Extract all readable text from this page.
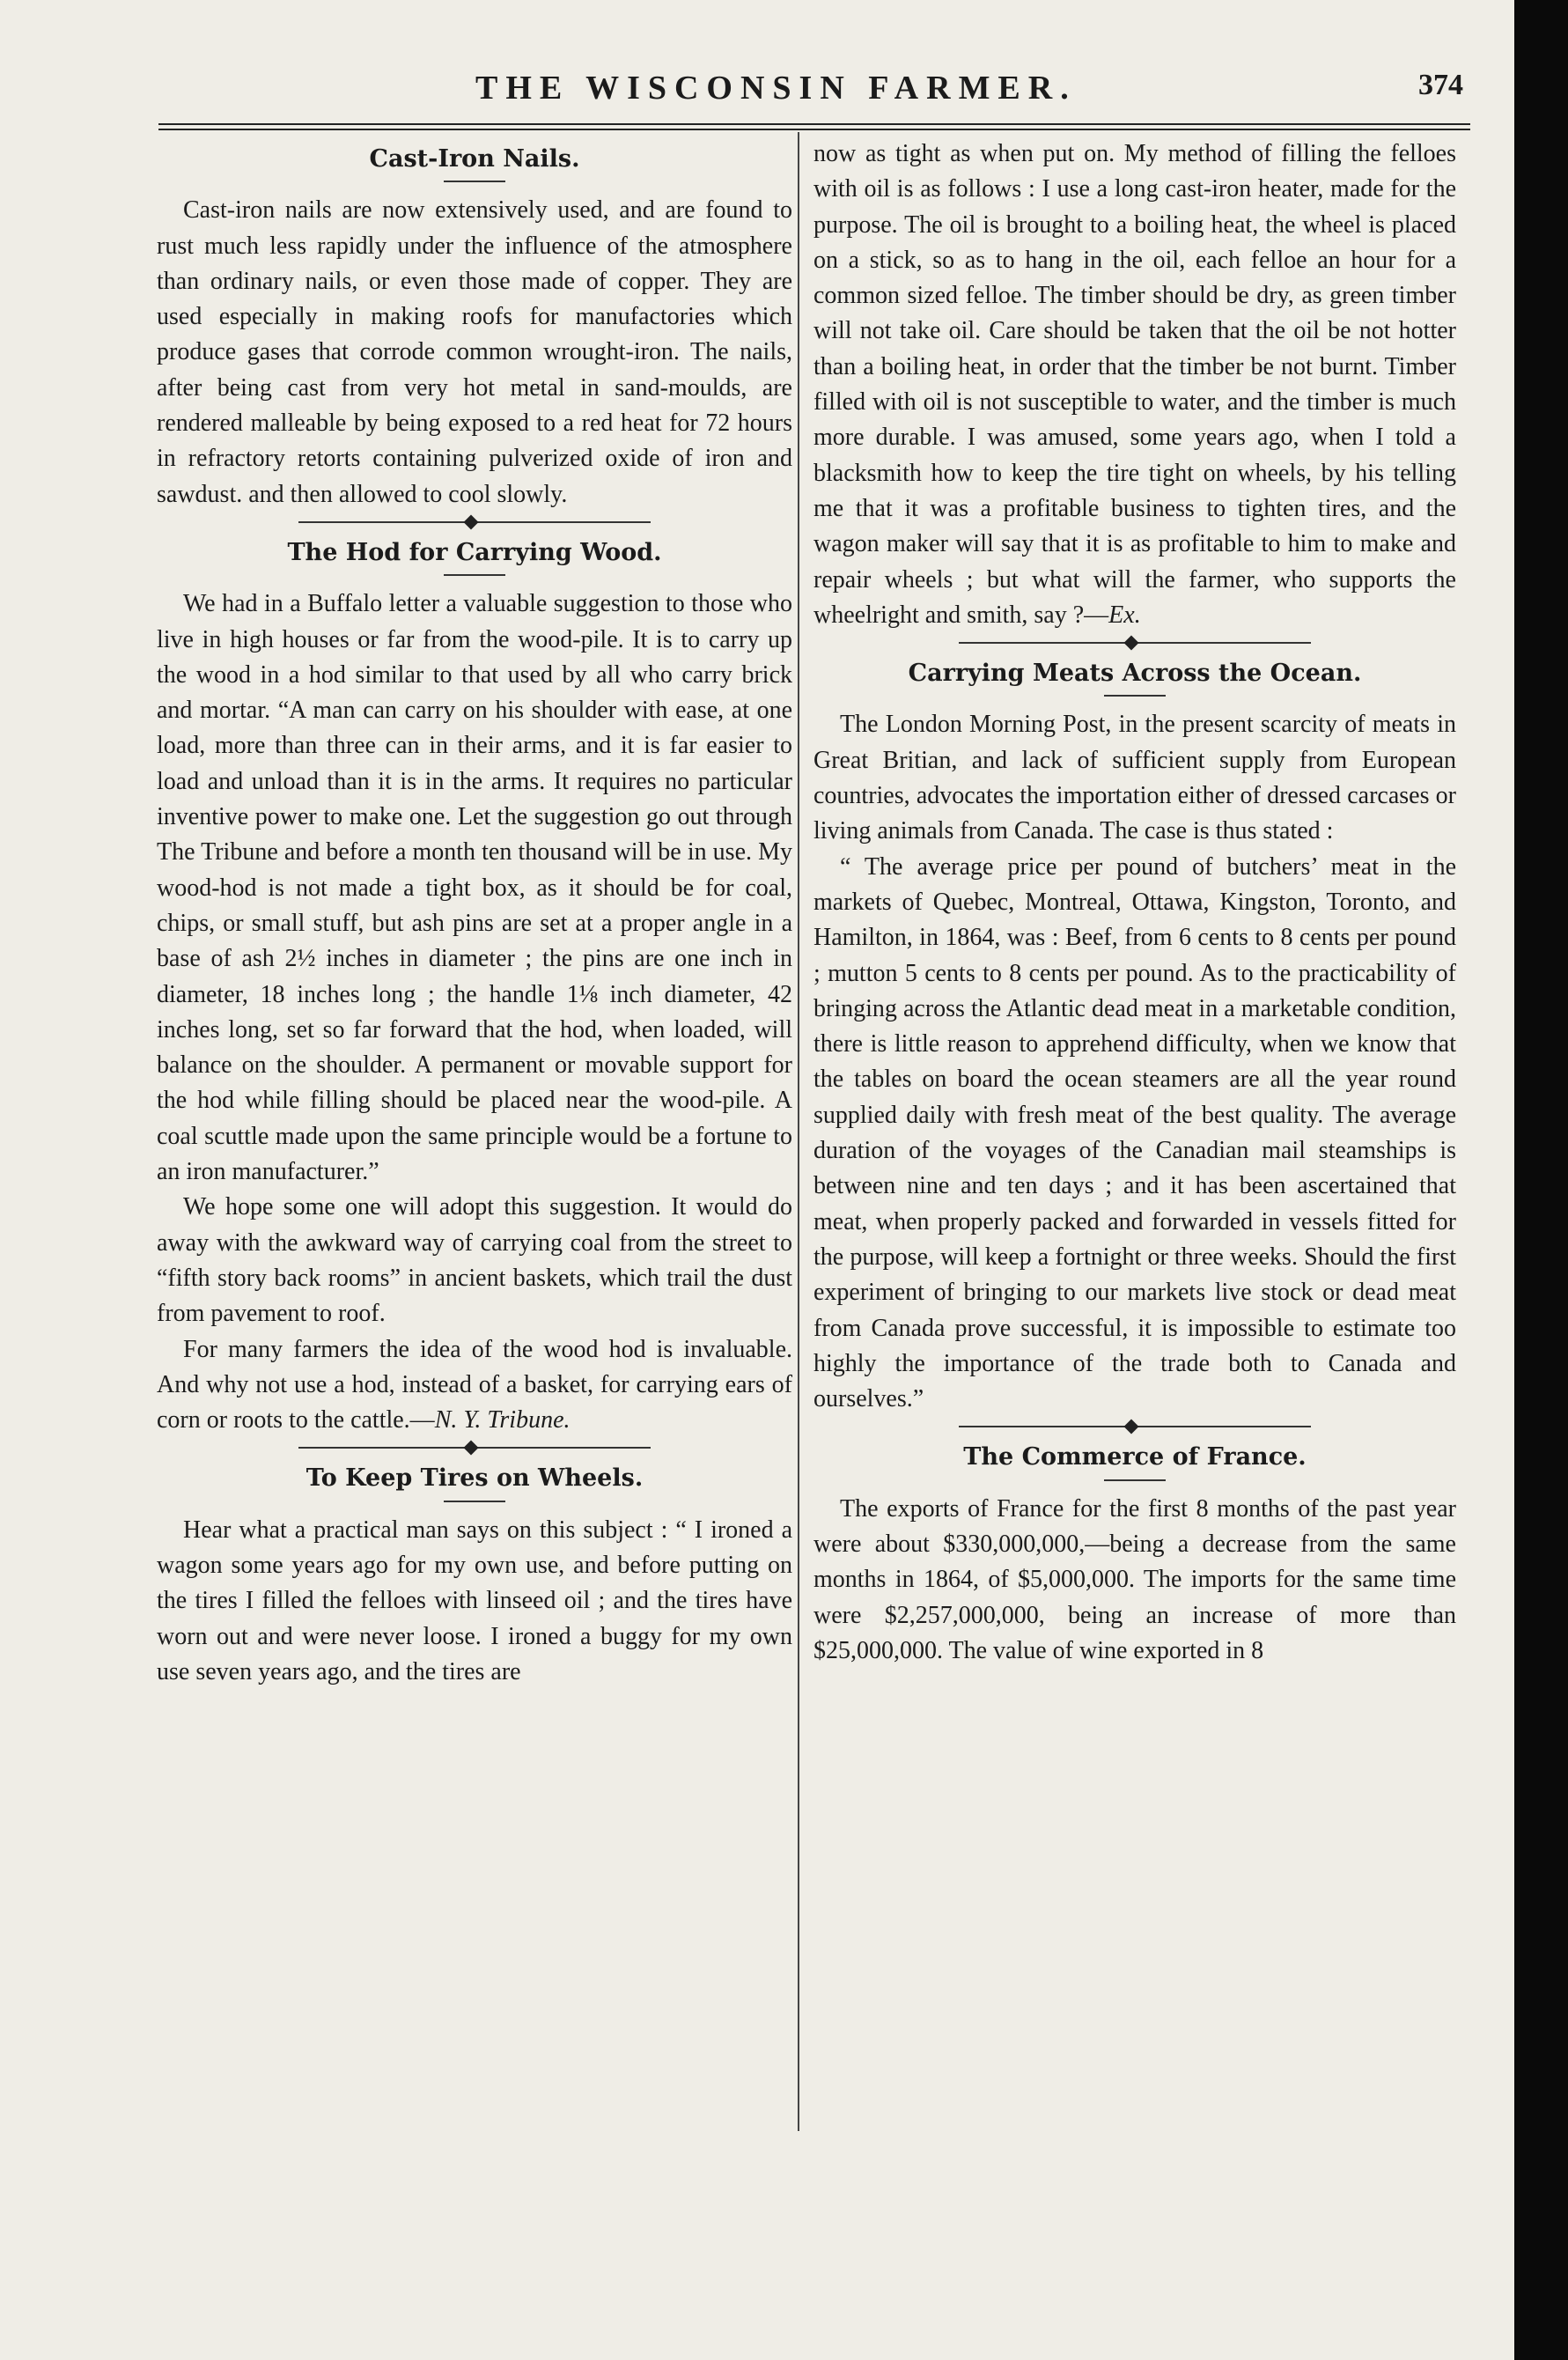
THE WISCONSIN FARMER.	374
Cast-Iron Nails.

Cast-iron nails are now extensively used, and are found to rust much less rapidly under the influence of the atmosphere than ordinary nails, or even those made of copper. They are used especially in making roofs for manufactories which produce gases that corrode common wrought-iron. The nails, after being cast from very hot metal in sand-moulds, are rendered malleable by being exposed to a red heat for 72 hours in refractory retorts containing pulverized oxide of iron and sawdust. and then allowed to cool slowly.

The Hod for Carrying Wood.

We had in a Buffalo letter a valuable suggestion to those who live in high houses or far from the wood-pile. It is to carry up the wood in a hod similar to that used by all who carry brick and mortar. “A man can carry on his shoulder with ease, at one load, more than three can in their arms, and it is far easier to load and unload than it is in the arms. It requires no particular inventive power to make one. Let the suggestion go out through The Tribune and before a month ten thousand will be in use. My wood-hod is not made a tight box, as it should be for coal, chips, or small stuff, but ash pins are set at a proper angle in a base of ash 2½ inches in diameter ; the pins are one inch in diameter, 18 inches long ; the handle 1⅛ inch diameter, 42 inches long, set so far forward that the hod, when loaded, will balance on the shoulder. A permanent or movable support for the hod while filling should be placed near the wood-pile. A coal scuttle made upon the same principle would be a fortune to an iron manufacturer.”

We hope some one will adopt this suggestion. It would do away with the awkward way of carrying coal from the street to “fifth story back rooms” in ancient baskets, which trail the dust from pavement to roof.

For many farmers the idea of the wood hod is invaluable. And why not use a hod, instead of a basket, for carrying ears of corn or roots to the cattle.—N. Y. Tribune.

To Keep Tires on Wheels.

Hear what a practical man says on this subject : “ I ironed a wagon some years ago for my own use, and before putting on the tires I filled the felloes with linseed oil ; and the tires have worn out and were never loose. I ironed a buggy for my own use seven years ago, and the tires are

now as tight as when put on. My method of filling the felloes with oil is as follows : I use a long cast-iron heater, made for the purpose. The oil is brought to a boiling heat, the wheel is placed on a stick, so as to hang in the oil, each felloe an hour for a common sized felloe. The timber should be dry, as green timber will not take oil. Care should be taken that the oil be not hotter than a boiling heat, in order that the timber be not burnt. Timber filled with oil is not susceptible to water, and the timber is much more durable. I was amused, some years ago, when I told a blacksmith how to keep the tire tight on wheels, by his telling me that it was a profitable business to tighten tires, and the wagon maker will say that it is as profitable to him to make and repair wheels ; but what will the farmer, who supports the wheelright and smith, say ?—Ex.

Carrying Meats Across the Ocean.

The London Morning Post, in the present scarcity of meats in Great Britian, and lack of sufficient supply from European countries, advocates the importation either of dressed carcases or living animals from Canada. The case is thus stated :

“ The average price per pound of butchers’ meat in the markets of Quebec, Montreal, Ottawa, Kingston, Toronto, and Hamilton, in 1864, was : Beef, from 6 cents to 8 cents per pound ; mutton 5 cents to 8 cents per pound. As to the practicability of bringing across the Atlantic dead meat in a marketable condition, there is little reason to apprehend difficulty, when we know that the tables on board the ocean steamers are all the year round supplied daily with fresh meat of the best quality. The average duration of the voyages of the Canadian mail steamships is between nine and ten days ; and it has been ascertained that meat, when properly packed and forwarded in vessels fitted for the purpose, will keep a fortnight or three weeks. Should the first experiment of bringing to our markets live stock or dead meat from Canada prove successful, it is impossible to estimate too highly the importance of the trade both to Canada and ourselves.”

The Commerce of France.

The exports of France for the first 8 months of the past year were about $330,000,000,—being a decrease from the same months in 1864, of $5,000,000. The imports for the same time were $2,257,000,000, being an increase of more than $25,000,000. The value of wine exported in 8
